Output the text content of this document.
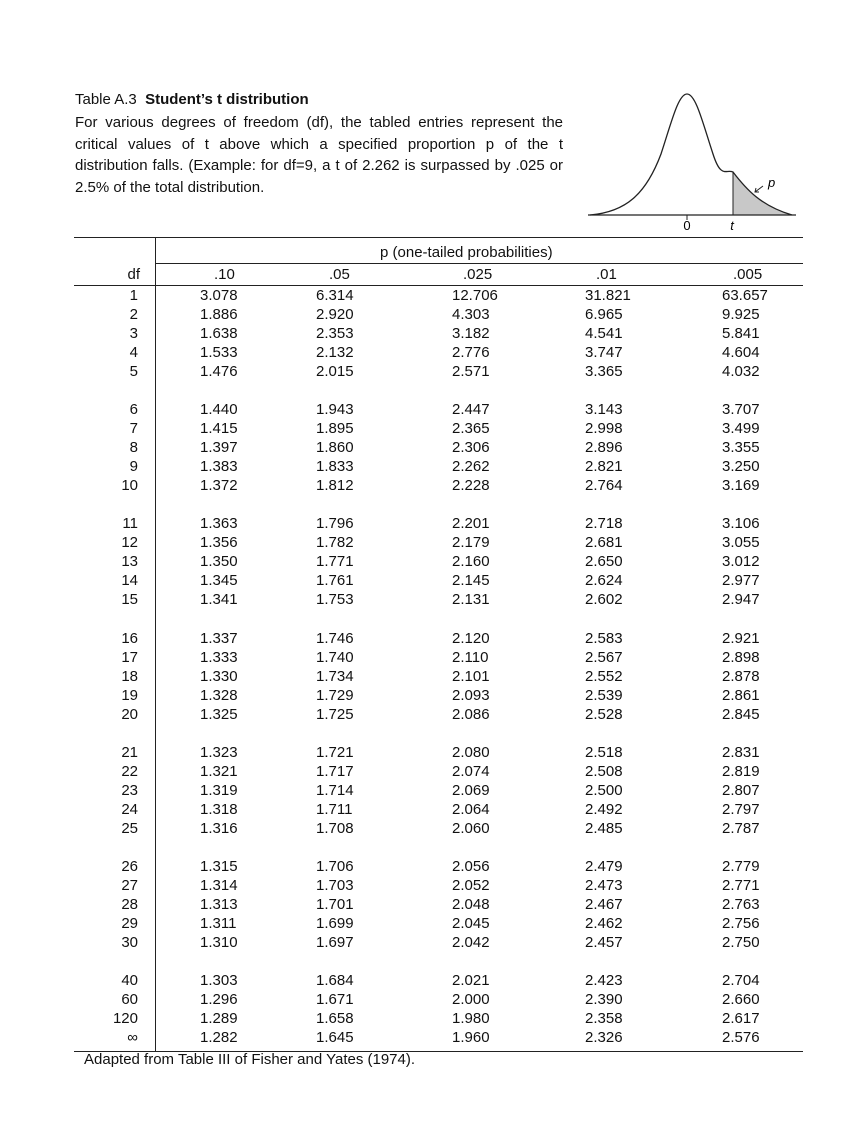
Table A.3 Student’s t distribution

For various degrees of freedom (df), the tabled entries represent the critical values of t above which a specified proportion p of the t distribution falls. (Example: for df=9, a t of 2.262 is surpassed by .025 or 2.5% of the total distribution.

0	t
p
p (one-tailed probabilities)
df	.10	.05	.025	.01	.005
1	3.078	6.314	12.706	31.821	63.657
2	1.886	2.920	4.303	6.965	9.925
3	1.638	2.353	3.182	4.541	5.841
4	1.533	2.132	2.776	3.747	4.604
5	1.476	2.015	2.571	3.365	4.032
6	1.440	1.943	2.447	3.143	3.707
7	1.415	1.895	2.365	2.998	3.499
8	1.397	1.860	2.306	2.896	3.355
9	1.383	1.833	2.262	2.821	3.250
10	1.372	1.812	2.228	2.764	3.169
11	1.363	1.796	2.201	2.718	3.106
12	1.356	1.782	2.179	2.681	3.055
13	1.350	1.771	2.160	2.650	3.012
14	1.345	1.761	2.145	2.624	2.977
15	1.341	1.753	2.131	2.602	2.947
16	1.337	1.746	2.120	2.583	2.921
17	1.333	1.740	2.110	2.567	2.898
18	1.330	1.734	2.101	2.552	2.878
19	1.328	1.729	2.093	2.539	2.861
20	1.325	1.725	2.086	2.528	2.845
21	1.323	1.721	2.080	2.518	2.831
22	1.321	1.717	2.074	2.508	2.819
23	1.319	1.714	2.069	2.500	2.807
24	1.318	1.711	2.064	2.492	2.797
25	1.316	1.708	2.060	2.485	2.787
26	1.315	1.706	2.056	2.479	2.779
27	1.314	1.703	2.052	2.473	2.771
28	1.313	1.701	2.048	2.467	2.763
29	1.311	1.699	2.045	2.462	2.756
30	1.310	1.697	2.042	2.457	2.750
40	1.303	1.684	2.021	2.423	2.704
60	1.296	1.671	2.000	2.390	2.660
120	1.289	1.658	1.980	2.358	2.617
∞	1.282	1.645	1.960	2.326	2.576
Adapted from Table III of Fisher and Yates (1974).
